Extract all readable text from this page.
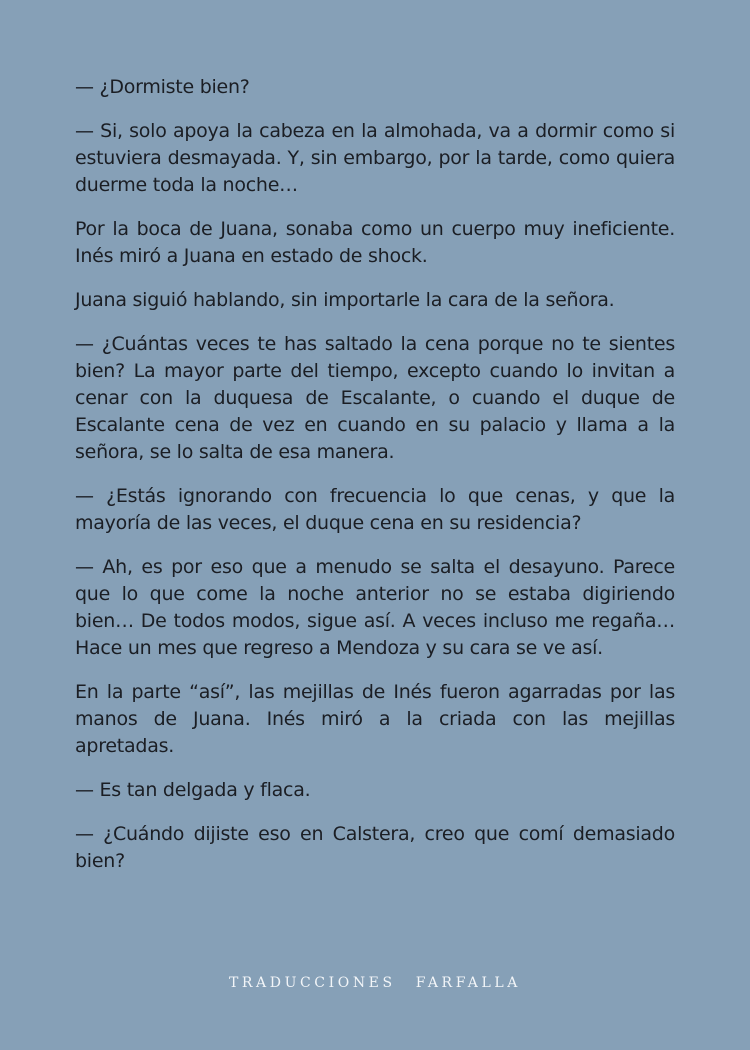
— ¿Dormiste bien?

— Si, solo apoya la cabeza en la almohada, va a dormir como si estuviera desmayada. Y, sin embargo, por la tarde, como quiera duerme toda la noche…

Por la boca de Juana, sonaba como un cuerpo muy ineficiente. Inés miró a Juana en estado de shock.

Juana siguió hablando, sin importarle la cara de la señora.

— ¿Cuántas veces te has saltado la cena porque no te sientes bien? La mayor parte del tiempo, excepto cuando lo invitan a cenar con la duquesa de Escalante, o cuando el duque de Escalante cena de vez en cuando en su palacio y llama a la señora, se lo salta de esa manera.

— ¿Estás ignorando con frecuencia lo que cenas, y que la mayoría de las veces, el duque cena en su residencia?

— Ah, es por eso que a menudo se salta el desayuno. Parece que lo que come la noche anterior no se estaba digiriendo bien… De todos modos, sigue así. A veces incluso me regaña… Hace un mes que regreso a Mendoza y su cara se ve así.

En la parte “así”, las mejillas de Inés fueron agarradas por las manos de Juana. Inés miró a la criada con las mejillas apretadas.

— Es tan delgada y flaca.

— ¿Cuándo dijiste eso en Calstera, creo que comí demasiado bien?

TRADUCCIONES FARFALLA
